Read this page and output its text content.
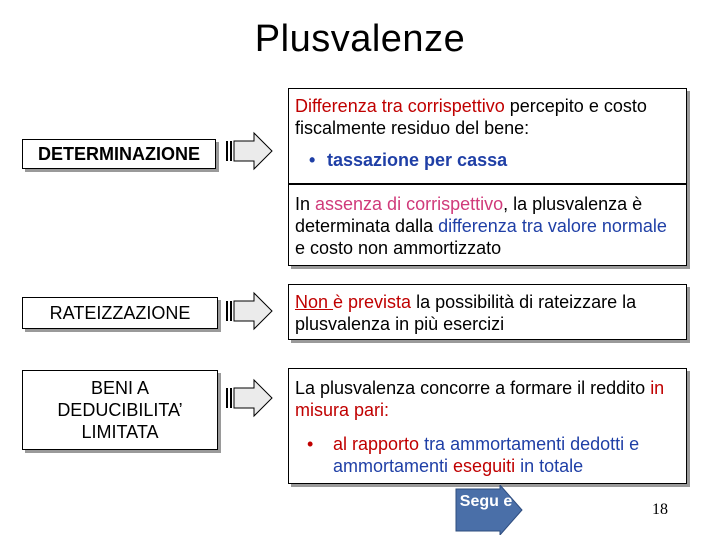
Plusvalenze
DETERMINAZIONE
Differenza tra corrispettivo percepito e costo fiscalmente residuo del bene:
• tassazione per cassa
In assenza di corrispettivo, la plusvalenza è determinata dalla differenza tra valore normale e costo non ammortizzato
RATEIZZAZIONE
Non è prevista la possibilità di rateizzare la plusvalenza in più esercizi
BENI A DEDUCIBILITA’ LIMITATA
La plusvalenza concorre a formare il reddito in misura pari:
•	al rapporto tra ammortamenti dedotti e ammortamenti eseguiti in totale
Segu e	18
